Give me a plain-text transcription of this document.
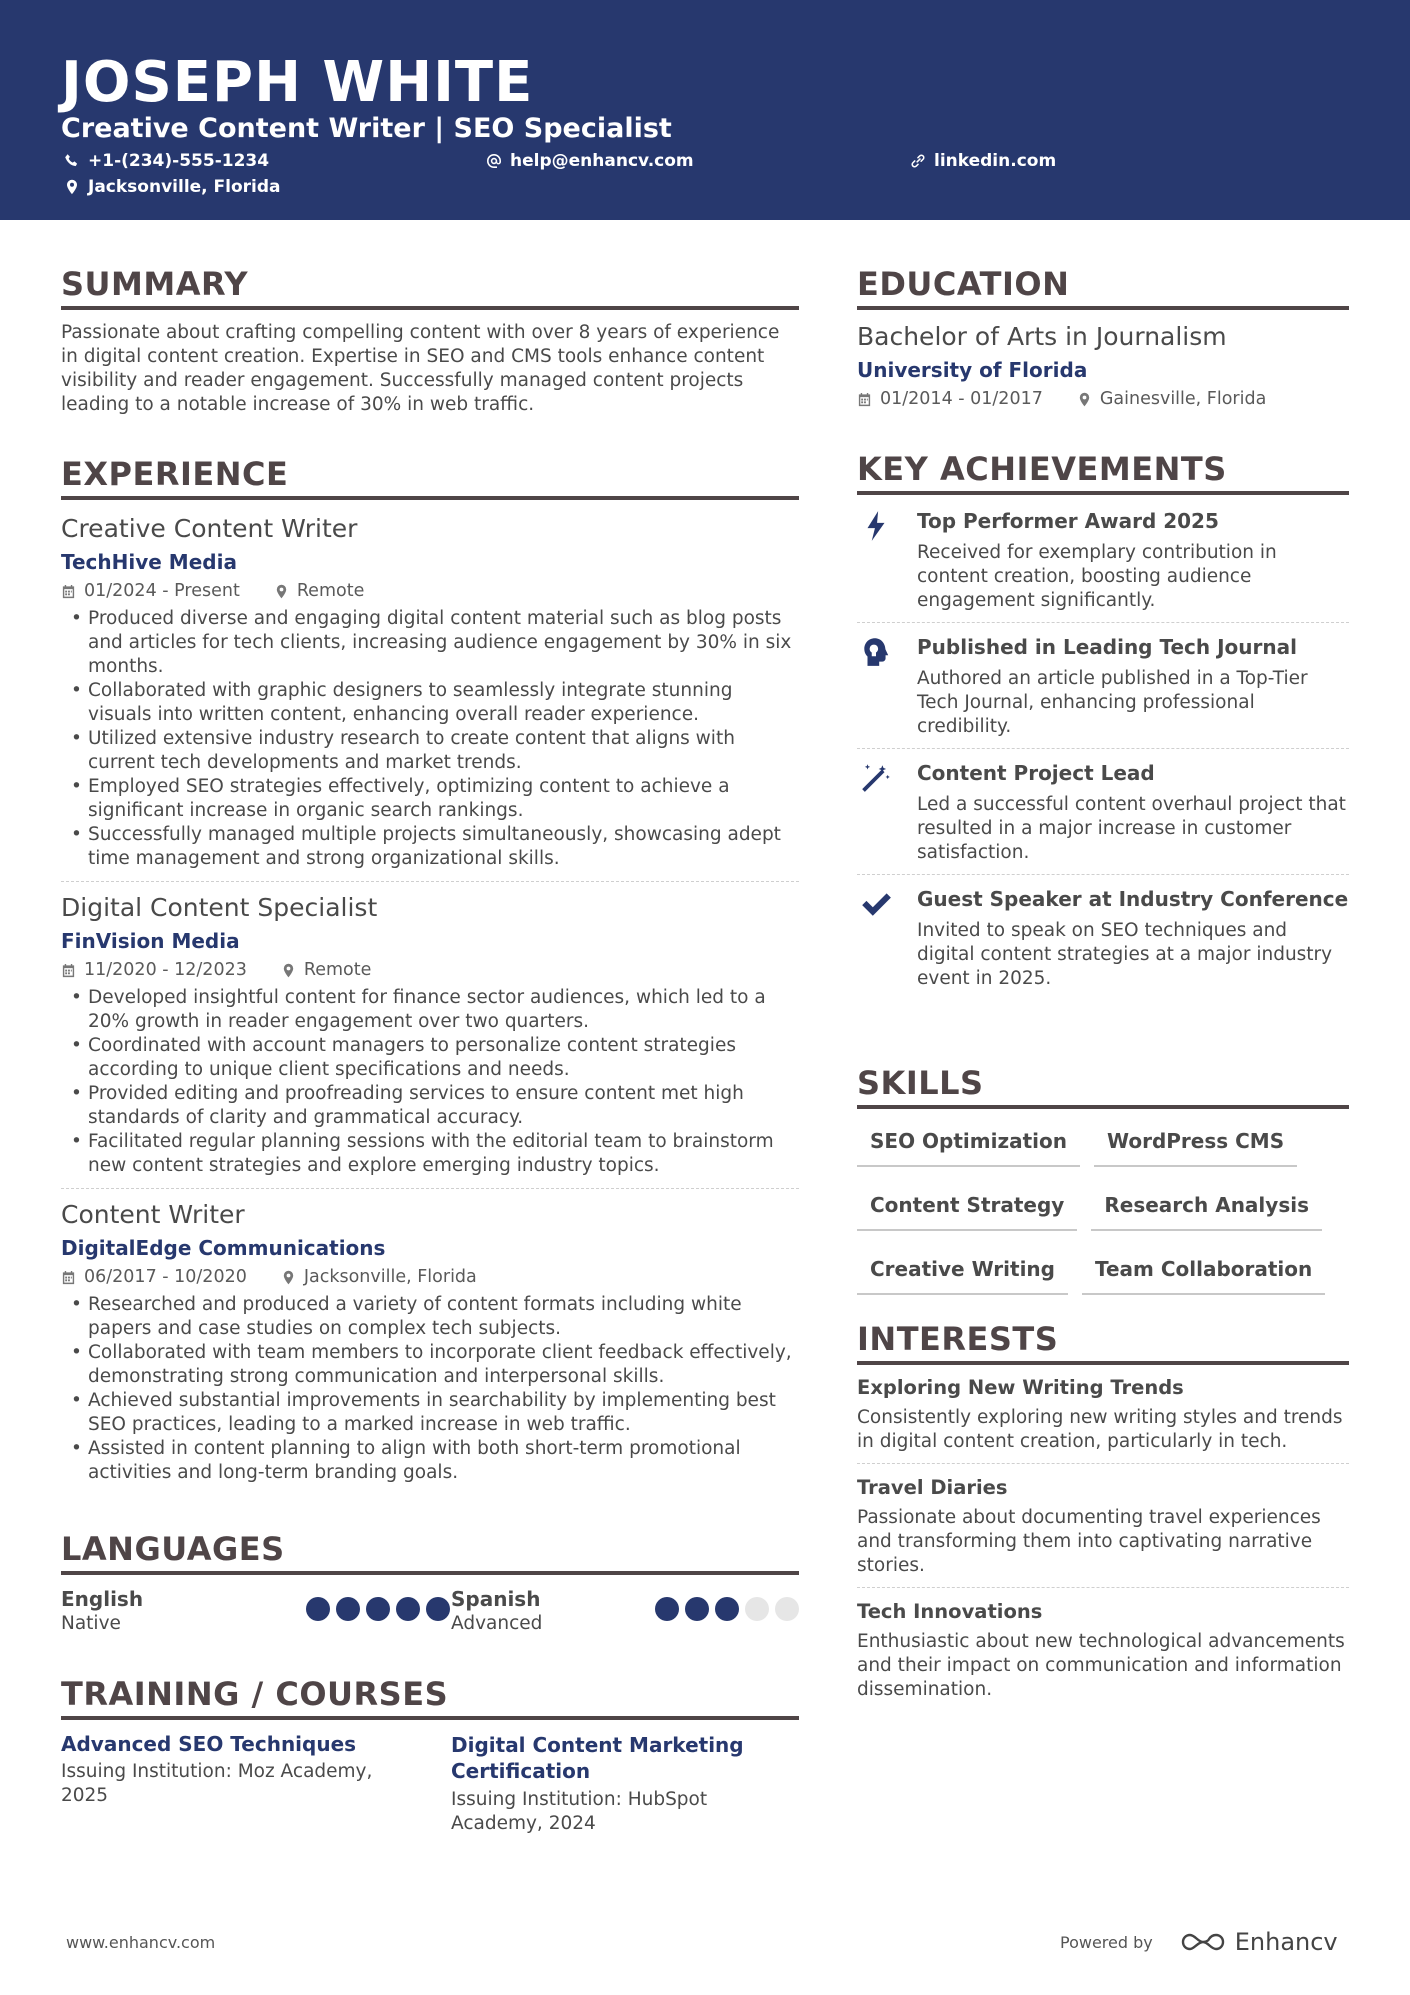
JOSEPH WHITE
Creative Content Writer | SEO Specialist
+1-(234)-555-1234	help@enhancv.com	linkedin.com
Jacksonville, Florida
SUMMARY
Passionate about crafting compelling content with over 8 years of experience in digital content creation. Expertise in SEO and CMS tools enhance content visibility and reader engagement. Successfully managed content projects leading to a notable increase of 30% in web traffic.
EXPERIENCE
Creative Content Writer
TechHive Media
01/2024 - Present	Remote
• Produced diverse and engaging digital content material such as blog posts and articles for tech clients, increasing audience engagement by 30% in six months.
• Collaborated with graphic designers to seamlessly integrate stunning visuals into written content, enhancing overall reader experience.
• Utilized extensive industry research to create content that aligns with current tech developments and market trends.
• Employed SEO strategies effectively, optimizing content to achieve a significant increase in organic search rankings.
• Successfully managed multiple projects simultaneously, showcasing adept time management and strong organizational skills.
Digital Content Specialist
FinVision Media
11/2020 - 12/2023	Remote
• Developed insightful content for finance sector audiences, which led to a 20% growth in reader engagement over two quarters.
• Coordinated with account managers to personalize content strategies according to unique client specifications and needs.
• Provided editing and proofreading services to ensure content met high standards of clarity and grammatical accuracy.
• Facilitated regular planning sessions with the editorial team to brainstorm new content strategies and explore emerging industry topics.
Content Writer
DigitalEdge Communications
06/2017 - 10/2020	Jacksonville, Florida
• Researched and produced a variety of content formats including white papers and case studies on complex tech subjects.
• Collaborated with team members to incorporate client feedback effectively, demonstrating strong communication and interpersonal skills.
• Achieved substantial improvements in searchability by implementing best SEO practices, leading to a marked increase in web traffic.
• Assisted in content planning to align with both short-term promotional activities and long-term branding goals.
LANGUAGES
English
Native
Spanish
Advanced
TRAINING / COURSES
Advanced SEO Techniques
Issuing Institution: Moz Academy, 2025
Digital Content Marketing Certification
Issuing Institution: HubSpot Academy, 2024
EDUCATION
Bachelor of Arts in Journalism
University of Florida
01/2014 - 01/2017	Gainesville, Florida
KEY ACHIEVEMENTS
Top Performer Award 2025
Received for exemplary contribution in content creation, boosting audience engagement significantly.
Published in Leading Tech Journal
Authored an article published in a Top-Tier Tech Journal, enhancing professional credibility.
Content Project Lead
Led a successful content overhaul project that resulted in a major increase in customer satisfaction.
Guest Speaker at Industry Conference
Invited to speak on SEO techniques and digital content strategies at a major industry event in 2025.
SKILLS
SEO Optimization WordPress CMS
Content Strategy Research Analysis
Creative Writing Team Collaboration
INTERESTS
Exploring New Writing Trends
Consistently exploring new writing styles and trends in digital content creation, particularly in tech.
Travel Diaries
Passionate about documenting travel experiences and transforming them into captivating narrative stories.
Tech Innovations
Enthusiastic about new technological advancements and their impact on communication and information dissemination.
www.enhancv.com	Powered by	Enhancv
